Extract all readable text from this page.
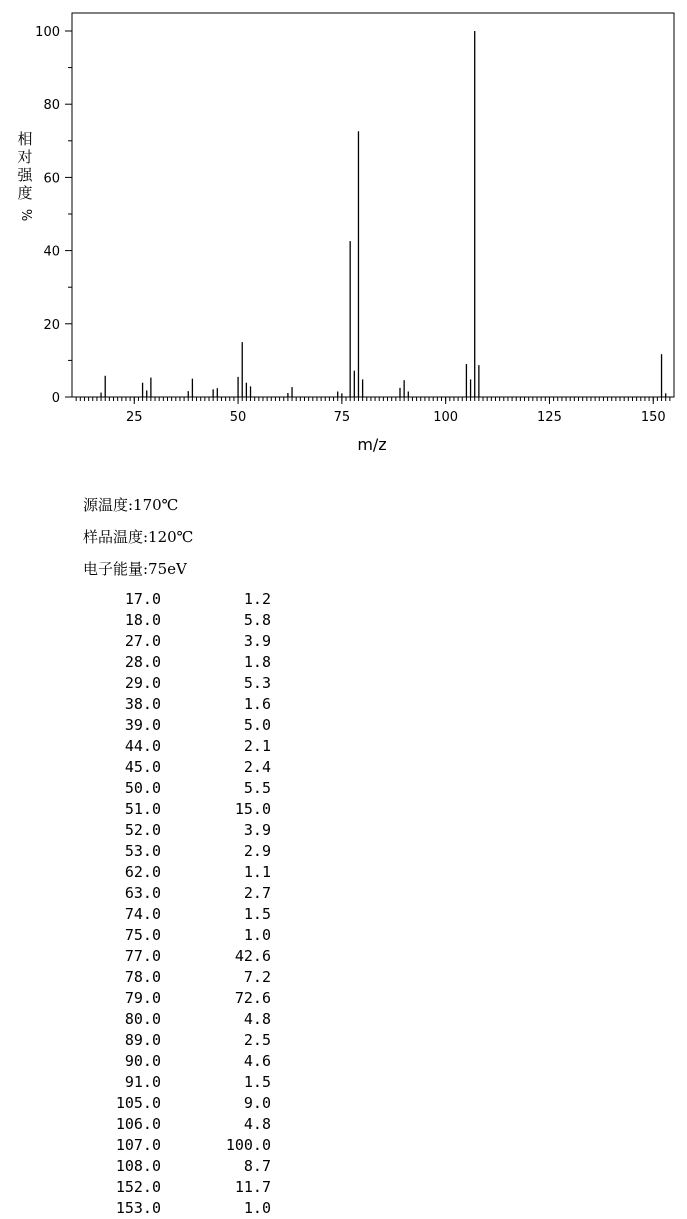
25	50	75	100	125	150
0
20
40
60
80
100
m/z
相
对
强
度
%
源温度:170℃
样品温度:120℃
电子能量:75eV
17.0	1.2
18.0	5.8
27.0	3.9
28.0	1.8
29.0	5.3
38.0	1.6
39.0	5.0
44.0	2.1
45.0	2.4
50.0	5.5
51.0	15.0
52.0	3.9
53.0	2.9
62.0	1.1
63.0	2.7
74.0	1.5
75.0	1.0
77.0	42.6
78.0	7.2
79.0	72.6
80.0	4.8
89.0	2.5
90.0	4.6
91.0	1.5
105.0	9.0
106.0	4.8
107.0	100.0
108.0	8.7
152.0	11.7
153.0	1.0
